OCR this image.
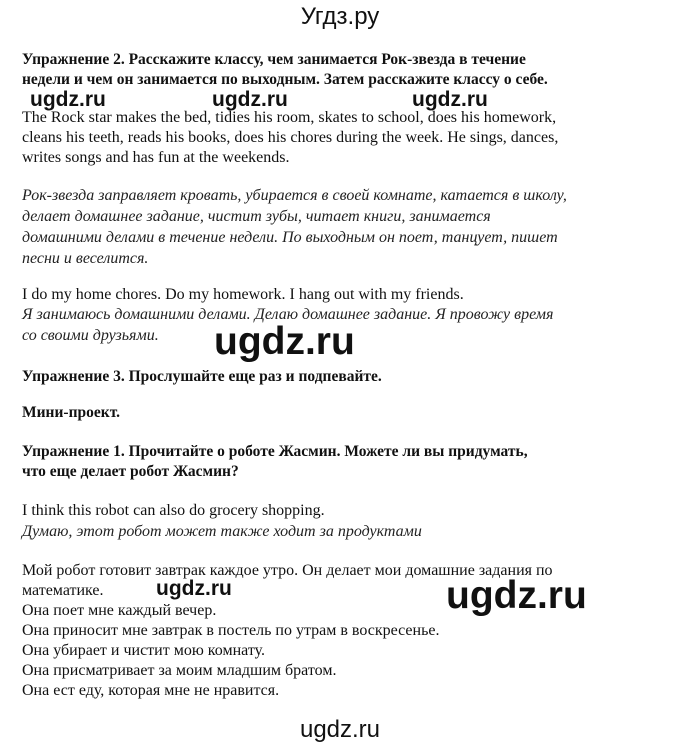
Угдз.ру
Упражнение 2. Расскажите классу, чем занимается Рок-звезда в течение
недели и чем он занимается по выходным. Затем расскажите классу о себе.
ugdz.ru	ugdz.ru	ugdz.ru
The Rock star makes the bed, tidies his room, skates to school, does his homework,
cleans his teeth, reads his books, does his chores during the week. He sings, dances,
writes songs and has fun at the weekends.
Рок-звезда заправляет кровать, убирается в своей комнате, катается в школу,
делает домашнее задание, чистит зубы, читает книги, занимается
домашними делами в течение недели. По выходным он поет, танцует, пишет
песни и веселится.
I do my home chores. Do my homework. I hang out with my friends.
Я занимаюсь домашними делами. Делаю домашнее задание. Я провожу время
со своими друзьями. ugdz.ru
Упражнение 3. Прослушайте еще раз и подпевайте.
Мини-проект.
Упражнение 1. Прочитайте о роботе Жасмин. Можете ли вы придумать,
что еще делает робот Жасмин?
I think this robot can also do grocery shopping.
Думаю, этот робот может также ходит за продуктами
Мой робот готовит завтрак каждое утро. Он делает мои домашние задания по
математике.
Она поет мне каждый вечер.
Она приносит мне завтрак в постель по утрам в воскресенье.
Она убирает и чистит мою комнату.
Она присматривает за моим младшим братом.
Она ест еду, которая мне не нравится.
ugdz.ru	ugdz.ru
ugdz.ru
